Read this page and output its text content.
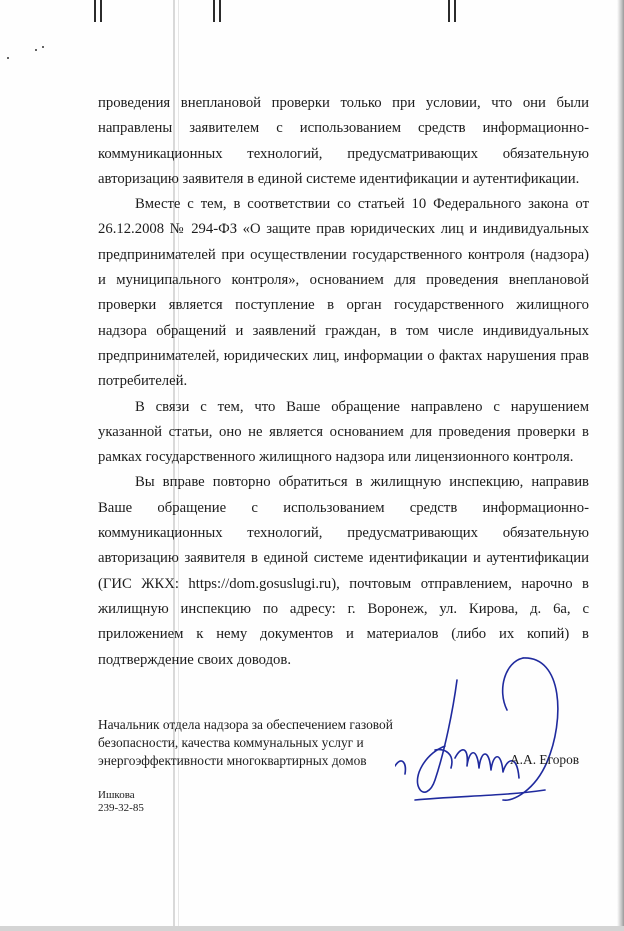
проведения внеплановой проверки только при условии, что они были направлены заявителем с использованием средств информационно-коммуникационных технологий, предусматривающих обязательную авторизацию заявителя в единой системе идентификации и аутентификации.

Вместе с тем, в соответствии со статьей 10 Федерального закона от 26.12.2008 № 294-ФЗ «О защите прав юридических лиц и индивидуальных предпринимателей при осуществлении государственного контроля (надзора) и муниципального контроля», основанием для проведения внеплановой проверки является поступление в орган государственного жилищного надзора обращений и заявлений граждан, в том числе индивидуальных предпринимателей, юридических лиц, информации о фактах нарушения прав потребителей.

В связи с тем, что Ваше обращение направлено с нарушением указанной статьи, оно не является основанием для проведения проверки в рамках государственного жилищного надзора или лицензионного контроля.

Вы вправе повторно обратиться в жилищную инспекцию, направив Ваше обращение с использованием средств информационно-коммуникационных технологий, предусматривающих обязательную авторизацию заявителя в единой системе идентификации и аутентификации (ГИС ЖКХ: https://dom.gosuslugi.ru), почтовым отправлением, нарочно в жилищную инспекцию по адресу: г. Воронеж, ул. Кирова, д. 6а, с приложением к нему документов и материалов (либо их копий) в подтверждение своих доводов.

Начальник отдела надзора за обеспечением газовой
безопасности, качества коммунальных услуг и
энергоэффективности многоквартирных домов	А.А. Егоров
Ишкова
239-32-85
